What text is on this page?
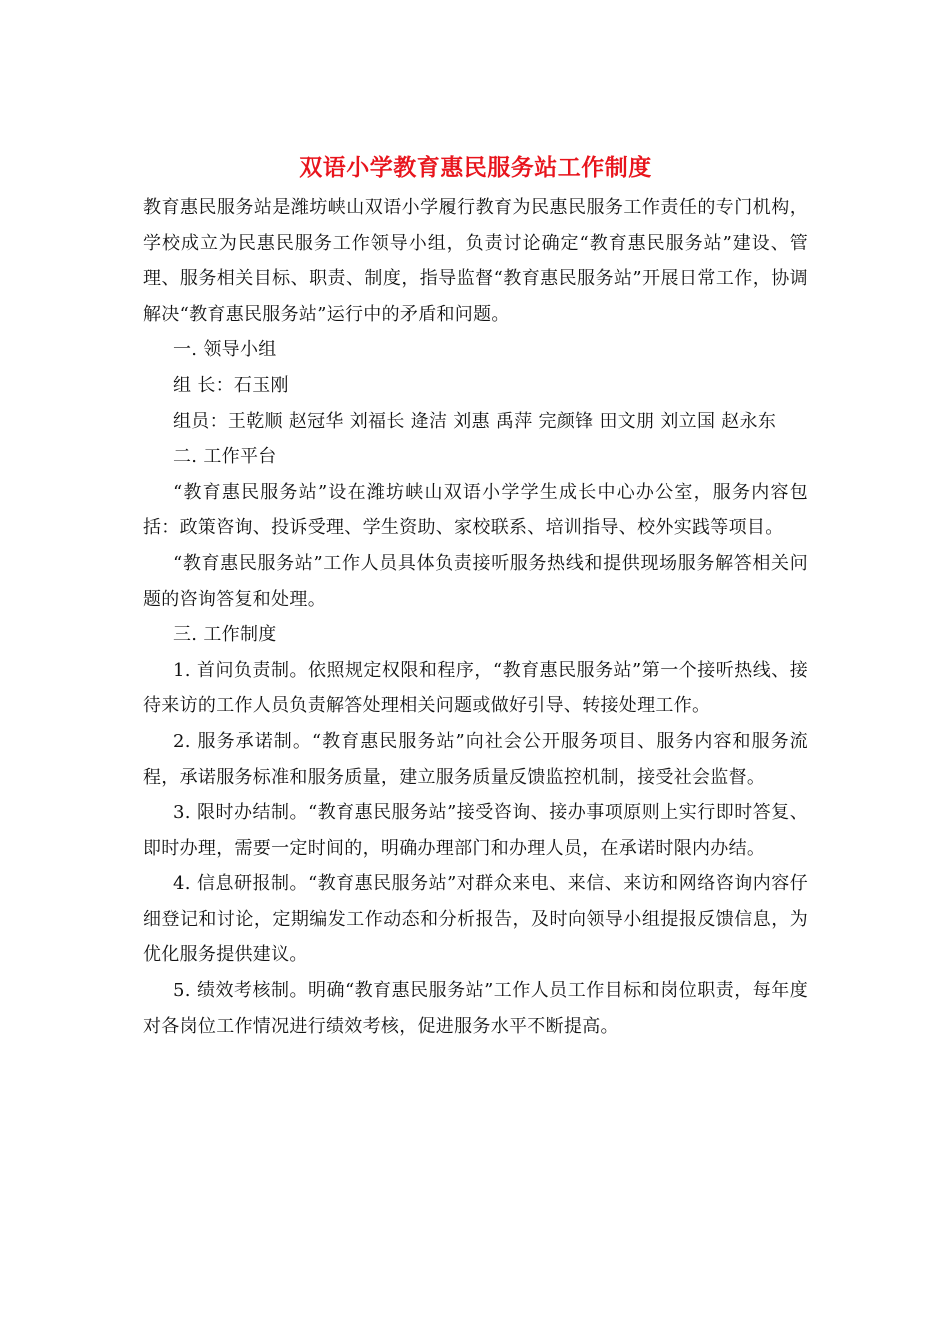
双语小学教育惠民服务站工作制度

教育惠民服务站是潍坊峡山双语小学履行教育为民惠民服务工作责任的专门机构，学校成立为民惠民服务工作领导小组，负责讨论确定“教育惠民服务站”建设、管理、服务相关目标、职责、制度，指导监督“教育惠民服务站”开展日常工作，协调解决“教育惠民服务站”运行中的矛盾和问题。

一. 领导小组

组 长：石玉刚

组员：王乾顺 赵冠华 刘福长 逄洁 刘惠 禹萍 完颜锋 田文朋 刘立国 赵永东

二. 工作平台

“教育惠民服务站”设在潍坊峡山双语小学学生成长中心办公室，服务内容包括：政策咨询、投诉受理、学生资助、家校联系、培训指导、校外实践等项目。

“教育惠民服务站”工作人员具体负责接听服务热线和提供现场服务解答相关问题的咨询答复和处理。

三. 工作制度

1. 首问负责制。依照规定权限和程序，“教育惠民服务站”第一个接听热线、接待来访的工作人员负责解答处理相关问题或做好引导、转接处理工作。

2. 服务承诺制。“教育惠民服务站”向社会公开服务项目、服务内容和服务流程，承诺服务标准和服务质量，建立服务质量反馈监控机制，接受社会监督。

3. 限时办结制。“教育惠民服务站”接受咨询、接办事项原则上实行即时答复、即时办理，需要一定时间的，明确办理部门和办理人员，在承诺时限内办结。

4. 信息研报制。“教育惠民服务站”对群众来电、来信、来访和网络咨询内容仔细登记和讨论，定期编发工作动态和分析报告，及时向领导小组提报反馈信息，为优化服务提供建议。

5. 绩效考核制。明确“教育惠民服务站”工作人员工作目标和岗位职责，每年度对各岗位工作情况进行绩效考核，促进服务水平不断提高。
